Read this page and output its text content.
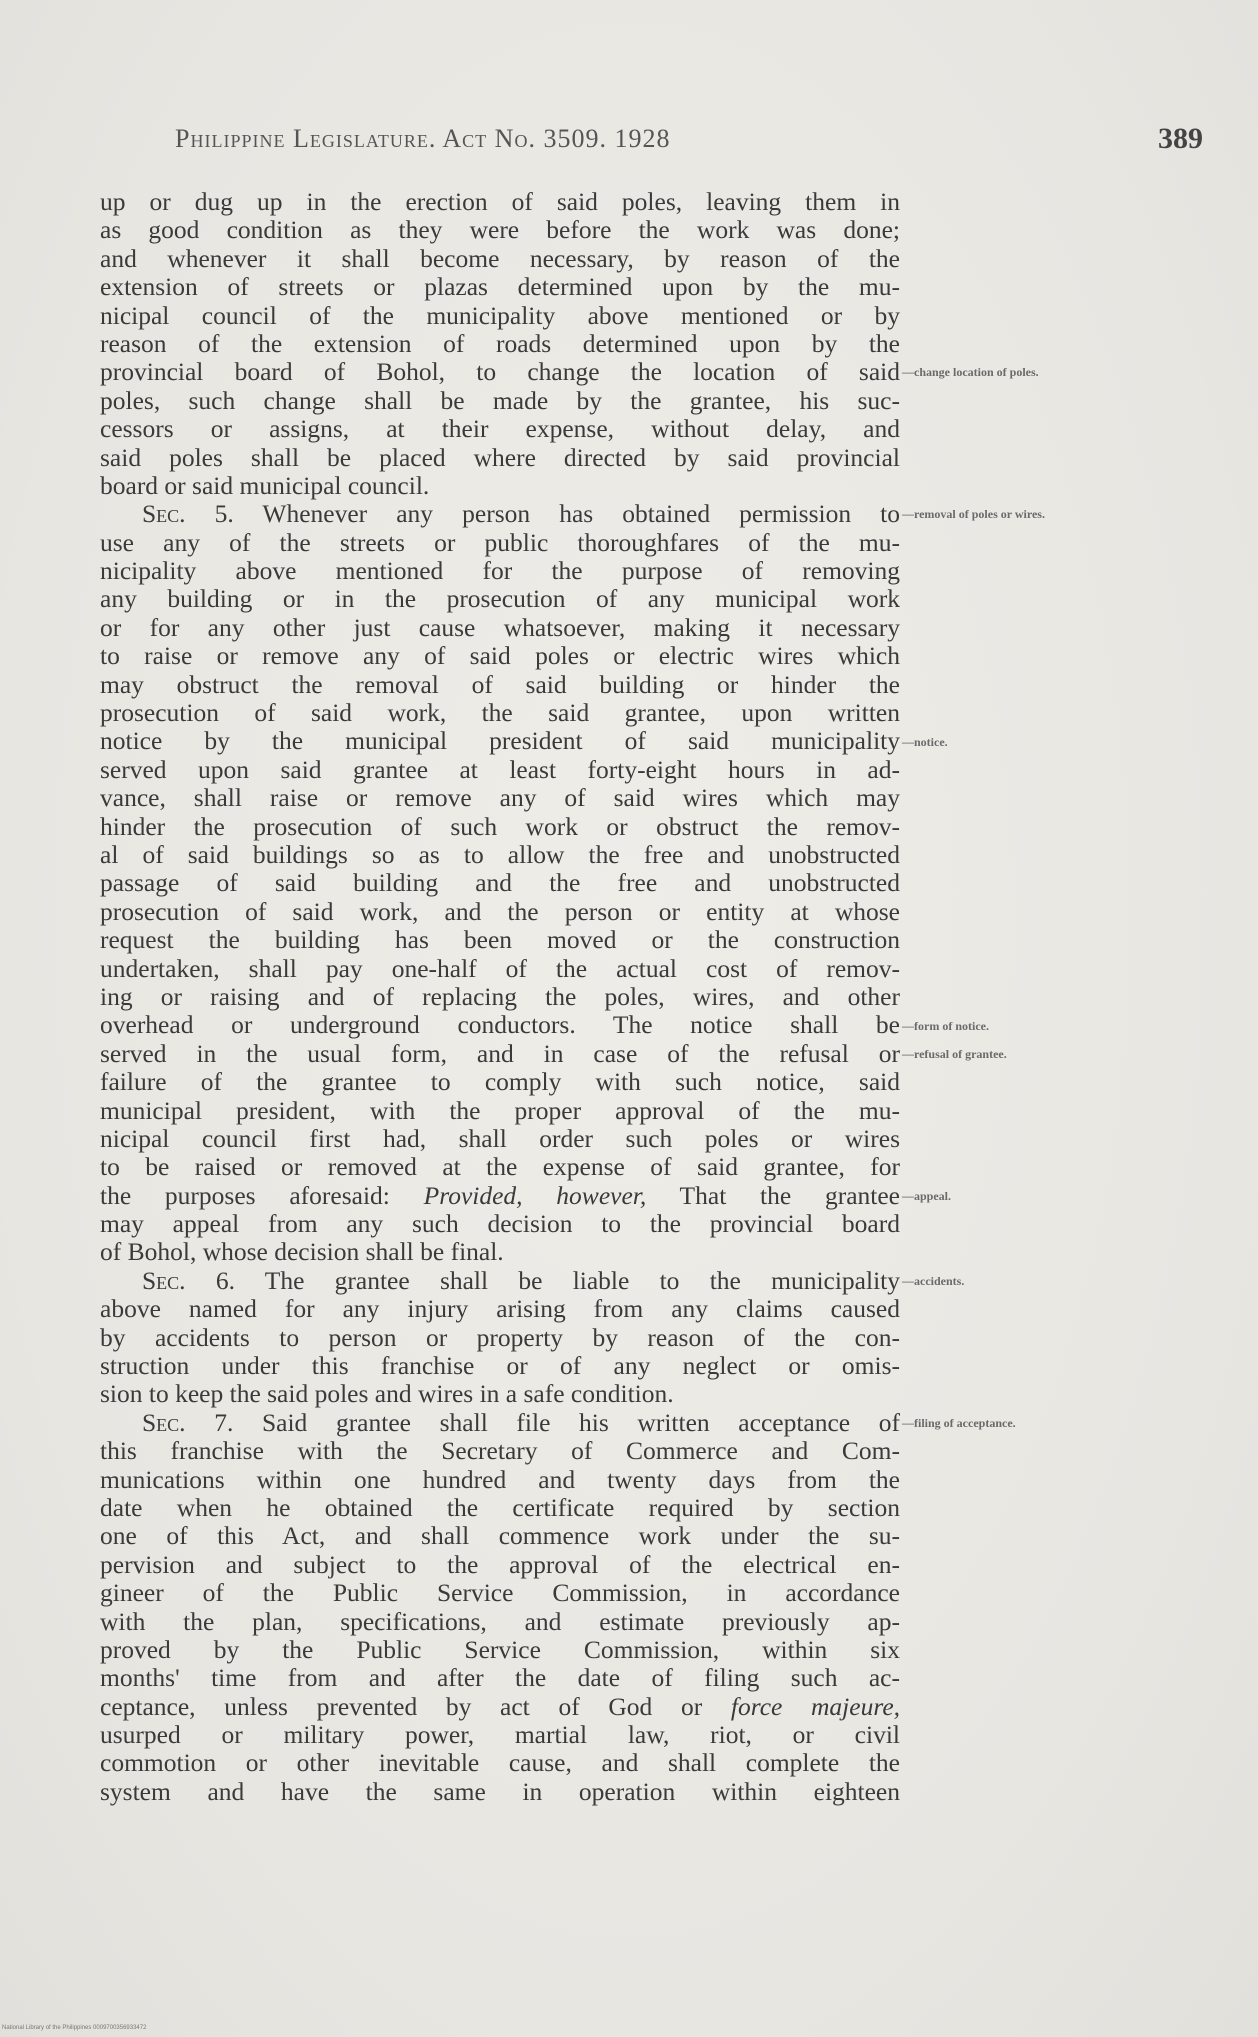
Philippine Legislature. Act No. 3509. 1928	389
up or dug up in the erection of said poles, leaving them in
as good condition as they were before the work was done;
and whenever it shall become necessary, by reason of the
extension of streets or plazas determined upon by the mu-
nicipal council of the municipality above mentioned or by
reason of the extension of roads determined upon by the
provincial board of Bohol, to change the location of said
poles, such change shall be made by the grantee, his suc-
cessors or assigns, at their expense, without delay, and
said poles shall be placed where directed by said provincial
board or said municipal council.
Sec. 5. Whenever any person has obtained permission to
use any of the streets or public thoroughfares of the mu-
nicipality above mentioned for the purpose of removing
any building or in the prosecution of any municipal work
or for any other just cause whatsoever, making it necessary
to raise or remove any of said poles or electric wires which
may obstruct the removal of said building or hinder the
prosecution of said work, the said grantee, upon written
notice by the municipal president of said municipality
served upon said grantee at least forty-eight hours in ad-
vance, shall raise or remove any of said wires which may
hinder the prosecution of such work or obstruct the remov-
al of said buildings so as to allow the free and unobstructed
passage of said building and the free and unobstructed
prosecution of said work, and the person or entity at whose
request the building has been moved or the construction
undertaken, shall pay one-half of the actual cost of remov-
ing or raising and of replacing the poles, wires, and other
overhead or underground conductors. The notice shall be
served in the usual form, and in case of the refusal or
failure of the grantee to comply with such notice, said
municipal president, with the proper approval of the mu-
nicipal council first had, shall order such poles or wires
to be raised or removed at the expense of said grantee, for
the purposes aforesaid: Provided, however, That the grantee
may appeal from any such decision to the provincial board
of Bohol, whose decision shall be final.
Sec. 6. The grantee shall be liable to the municipality
above named for any injury arising from any claims caused
by accidents to person or property by reason of the con-
struction under this franchise or of any neglect or omis-
sion to keep the said poles and wires in a safe condition.
Sec. 7. Said grantee shall file his written acceptance of
this franchise with the Secretary of Commerce and Com-
munications within one hundred and twenty days from the
date when he obtained the certificate required by section
one of this Act, and shall commence work under the su-
pervision and subject to the approval of the electrical en-
gineer of the Public Service Commission, in accordance
with the plan, specifications, and estimate previously ap-
proved by the Public Service Commission, within six
months' time from and after the date of filing such ac-
ceptance, unless prevented by act of God or force majeure,
usurped or military power, martial law, riot, or civil
commotion or other inevitable cause, and shall complete the
system and have the same in operation within eighteen
—change location of poles.
—removal of poles or wires.
—notice.
—form of notice.
—refusal of grantee.
—appeal.
—accidents.
—filing of acceptance.
National Library of the Philippines 0009700356933472
